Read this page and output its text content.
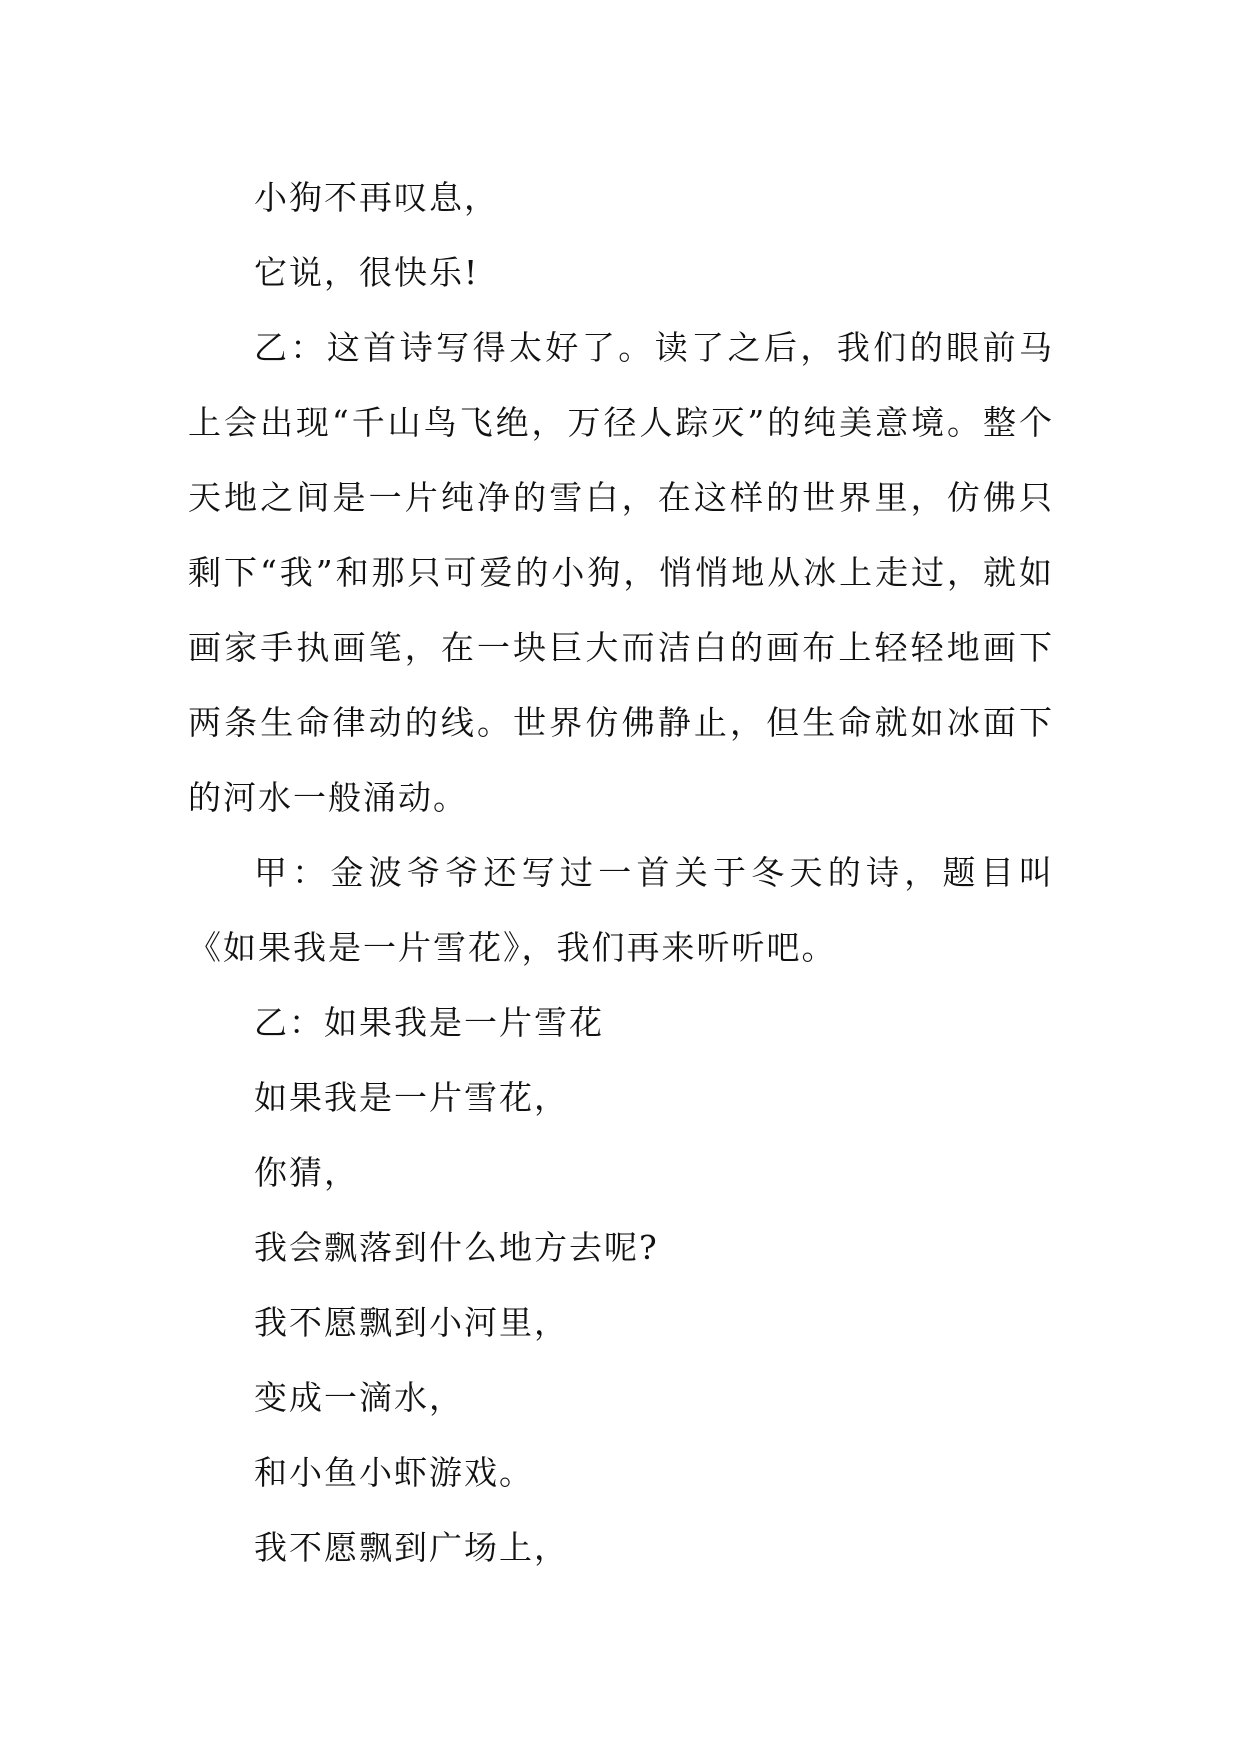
小狗不再叹息，

它说，很快乐!

乙：这首诗写得太好了。读了之后，我们的眼前马上会出现“千山鸟飞绝，万径人踪灭”的纯美意境。整个天地之间是一片纯净的雪白，在这样的世界里，仿佛只剩下“我”和那只可爱的小狗，悄悄地从冰上走过，就如画家手执画笔，在一块巨大而洁白的画布上轻轻地画下两条生命律动的线。世界仿佛静止，但生命就如冰面下的河水一般涌动。

甲：金波爷爷还写过一首关于冬天的诗，题目叫《如果我是一片雪花》，我们再来听听吧。

乙：如果我是一片雪花

如果我是一片雪花，

你猜，

我会飘落到什么地方去呢?

我不愿飘到小河里，

变成一滴水，

和小鱼小虾游戏。

我不愿飘到广场上，
